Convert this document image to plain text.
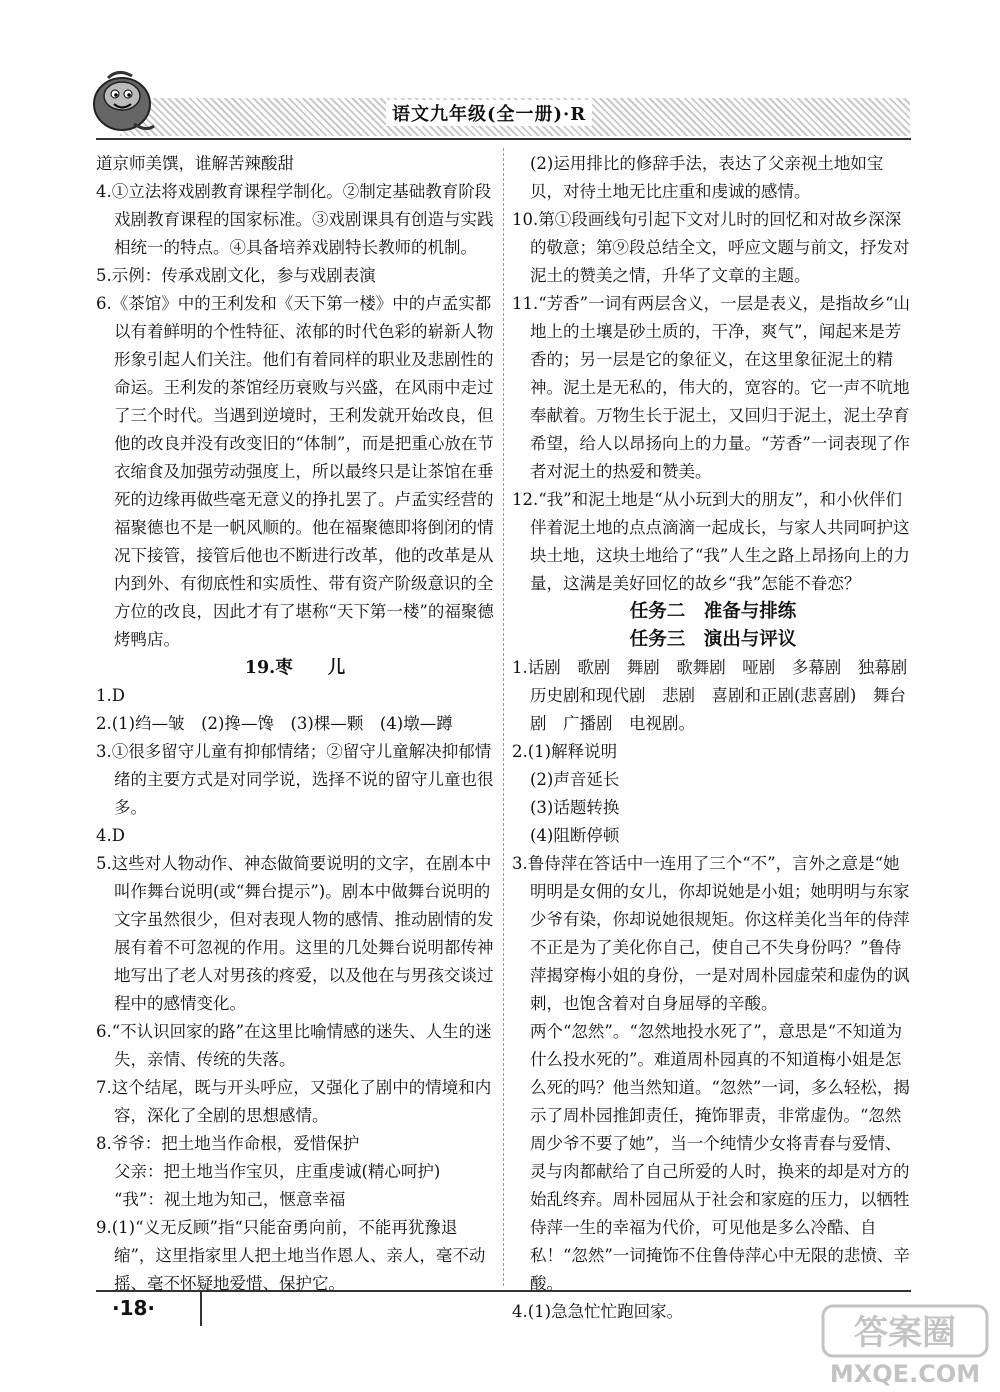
语文九年级(全一册)·R

道京师美馔，谁解苦辣酸甜

4.①立法将戏剧教育课程学制化。②制定基础教育阶段戏剧教育课程的国家标准。③戏剧课具有创造与实践相统一的特点。④具备培养戏剧特长教师的机制。

5.示例：传承戏剧文化，参与戏剧表演

6.《茶馆》中的王利发和《天下第一楼》中的卢孟实都以有着鲜明的个性特征、浓郁的时代色彩的崭新人物形象引起人们关注。他们有着同样的职业及悲剧性的命运。王利发的茶馆经历衰败与兴盛，在风雨中走过了三个时代。当遇到逆境时，王利发就开始改良，但他的改良并没有改变旧的“体制”，而是把重心放在节衣缩食及加强劳动强度上，所以最终只是让茶馆在垂死的边缘再做些毫无意义的挣扎罢了。卢孟实经营的福聚德也不是一帆风顺的。他在福聚德即将倒闭的情况下接管，接管后他也不断进行改革，他的改革是从内到外、有彻底性和实质性、带有资产阶级意识的全方位的改良，因此才有了堪称“天下第一楼”的福聚德烤鸭店。

19.枣　　儿

1.D

2.(1)绉—皱　(2)搀—馋　(3)棵—颗　(4)墩—蹲

3.①很多留守儿童有抑郁情绪；②留守儿童解决抑郁情绪的主要方式是对同学说，选择不说的留守儿童也很多。

4.D

5.这些对人物动作、神态做简要说明的文字，在剧本中叫作舞台说明(或“舞台提示”)。剧本中做舞台说明的文字虽然很少，但对表现人物的感情、推动剧情的发展有着不可忽视的作用。这里的几处舞台说明都传神地写出了老人对男孩的疼爱，以及他在与男孩交谈过程中的感情变化。

6.“不认识回家的路”在这里比喻情感的迷失、人生的迷失，亲情、传统的失落。

7.这个结尾，既与开头呼应，又强化了剧中的情境和内容，深化了全剧的思想感情。

8.爷爷：把土地当作命根，爱惜保护

父亲：把土地当作宝贝，庄重虔诚(精心呵护)

“我”：视土地为知己，惬意幸福

9.(1)“义无反顾”指“只能奋勇向前，不能再犹豫退缩”，这里指家里人把土地当作恩人、亲人，毫不动摇、毫不怀疑地爱惜、保护它。

(2)运用排比的修辞手法，表达了父亲视土地如宝贝，对待土地无比庄重和虔诚的感情。

10.第①段画线句引起下文对儿时的回忆和对故乡深深的敬意；第⑨段总结全文，呼应文题与前文，抒发对泥土的赞美之情，升华了文章的主题。

11.“芳香”一词有两层含义，一层是表义，是指故乡“山地上的土壤是砂土质的，干净，爽气”，闻起来是芳香的；另一层是它的象征义，在这里象征泥土的精神。泥土是无私的，伟大的，宽容的。它一声不吭地奉献着。万物生长于泥土，又回归于泥土，泥土孕育希望，给人以昂扬向上的力量。“芳香”一词表现了作者对泥土的热爱和赞美。

12.“我”和泥土地是“从小玩到大的朋友”，和小伙伴们伴着泥土地的点点滴滴一起成长，与家人共同呵护这块土地，这块土地给了“我”人生之路上昂扬向上的力量，这满是美好回忆的故乡“我”怎能不眷恋？

任务二　准备与排练

任务三　演出与评议

1.话剧　歌剧　舞剧　歌舞剧　哑剧　多幕剧　独幕剧　历史剧和现代剧　悲剧　喜剧和正剧(悲喜剧)　舞台剧　广播剧　电视剧。

2.(1)解释说明

(2)声音延长

(3)话题转换

(4)阻断停顿

3.鲁侍萍在答话中一连用了三个“不”，言外之意是“她明明是女佣的女儿，你却说她是小姐；她明明与东家少爷有染，你却说她很规矩。你这样美化当年的侍萍不正是为了美化你自己，使自己不失身份吗？”鲁侍萍揭穿梅小姐的身份，一是对周朴园虚荣和虚伪的讽刺，也饱含着对自身屈辱的辛酸。

两个“忽然”。“忽然地投水死了”，意思是“不知道为什么投水死的”。难道周朴园真的不知道梅小姐是怎么死的吗？他当然知道。“忽然”一词，多么轻松，揭示了周朴园推卸责任，掩饰罪责，非常虚伪。“忽然周少爷不要了她”，当一个纯情少女将青春与爱情、灵与肉都献给了自己所爱的人时，换来的却是对方的始乱终弃。周朴园屈从于社会和家庭的压力，以牺牲侍萍一生的幸福为代价，可见他是多么冷酷、自私！“忽然”一词掩饰不住鲁侍萍心中无限的悲愤、辛酸。

4.(1)急急忙忙跑回家。

·18·
答案圈
MXQE.COM
